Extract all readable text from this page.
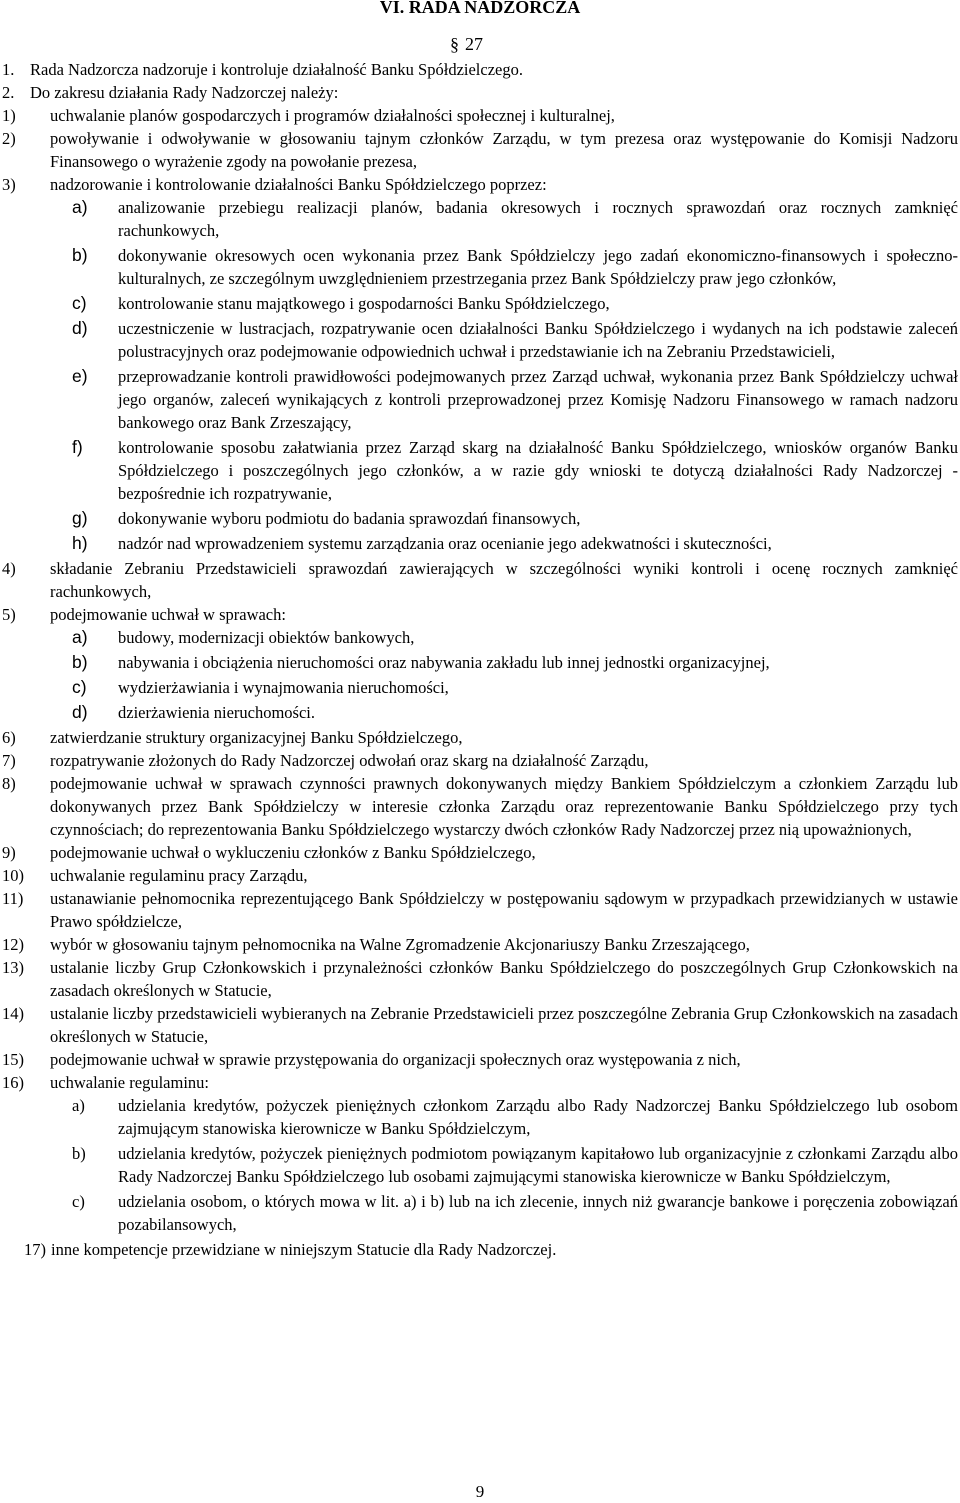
VI. RADA NADZORCZA
§ 27
1. Rada Nadzorcza nadzoruje i kontroluje działalność Banku Spółdzielczego.
2. Do zakresu działania Rady Nadzorczej należy:
1)	uchwalanie planów gospodarczych i programów działalności społecznej i kulturalnej,
2)	powoływanie i odwoływanie w głosowaniu tajnym członków Zarządu, w tym prezesa oraz występowanie do Komisji Nadzoru Finansowego o wyrażenie zgody na powołanie prezesa,
3)	nadzorowanie i kontrolowanie działalności Banku Spółdzielczego poprzez:
a)	analizowanie przebiegu realizacji planów, badania okresowych i rocznych sprawozdań oraz rocznych zamknięć rachunkowych,
b)	dokonywanie okresowych ocen wykonania przez Bank Spółdzielczy jego zadań ekonomiczno-finansowych i społeczno-kulturalnych, ze szczególnym uwzględnieniem przestrzegania przez Bank Spółdzielczy praw jego członków,
c)	kontrolowanie stanu majątkowego i gospodarności Banku Spółdzielczego,
d)	uczestniczenie w lustracjach, rozpatrywanie ocen działalności Banku Spółdzielczego i wydanych na ich podstawie zaleceń polustracyjnych oraz podejmowanie odpowiednich uchwał i przedstawianie ich na Zebraniu Przedstawicieli,
e)	przeprowadzanie kontroli prawidłowości podejmowanych przez Zarząd uchwał, wykonania przez Bank Spółdzielczy uchwał jego organów, zaleceń wynikających z kontroli przeprowadzonej przez Komisję Nadzoru Finansowego w ramach nadzoru bankowego oraz Bank Zrzeszający,
f)	kontrolowanie sposobu załatwiania przez Zarząd skarg na działalność Banku Spółdzielczego, wniosków organów Banku Spółdzielczego i poszczególnych jego członków, a w razie gdy wnioski te dotyczą działalności Rady Nadzorczej - bezpośrednie ich rozpatrywanie,
g)	dokonywanie wyboru podmiotu do badania sprawozdań finansowych,
h)	nadzór nad wprowadzeniem systemu zarządzania oraz ocenianie jego adekwatności i skuteczności,
4)	składanie Zebraniu Przedstawicieli sprawozdań zawierających w szczególności wyniki kontroli i ocenę rocznych zamknięć rachunkowych,
5)	podejmowanie uchwał w sprawach:
a)	budowy, modernizacji obiektów bankowych,
b)	nabywania i obciążenia nieruchomości oraz nabywania zakładu lub innej jednostki organizacyjnej,
c)	wydzierżawiania i wynajmowania nieruchomości,
d)	dzierżawienia nieruchomości.
6)	zatwierdzanie struktury organizacyjnej Banku Spółdzielczego,
7)	rozpatrywanie złożonych do Rady Nadzorczej odwołań oraz skarg na działalność Zarządu,
8)	podejmowanie uchwał w sprawach czynności prawnych dokonywanych między Bankiem Spółdzielczym a członkiem Zarządu lub dokonywanych przez Bank Spółdzielczy w interesie członka Zarządu oraz reprezentowanie Banku Spółdzielczego przy tych czynnościach; do reprezentowania Banku Spółdzielczego wystarczy dwóch członków Rady Nadzorczej przez nią upoważnionych,
9)	podejmowanie uchwał o wykluczeniu członków z Banku Spółdzielczego,
10)	uchwalanie regulaminu pracy Zarządu,
11)	ustanawianie pełnomocnika reprezentującego Bank Spółdzielczy w postępowaniu sądowym w przypadkach przewidzianych w ustawie Prawo spółdzielcze,
12)	wybór w głosowaniu tajnym pełnomocnika na Walne Zgromadzenie Akcjonariuszy Banku Zrzeszającego,
13)	ustalanie liczby Grup Członkowskich i przynależności członków Banku Spółdzielczego do poszczególnych Grup Członkowskich na zasadach określonych w Statucie,
14)	ustalanie liczby przedstawicieli wybieranych na Zebranie Przedstawicieli przez poszczególne Zebrania Grup Członkowskich na zasadach określonych w Statucie,
15)	podejmowanie uchwał w sprawie przystępowania do organizacji społecznych oraz występowania z nich,
16)	uchwalanie regulaminu:
a)	udzielania kredytów, pożyczek pieniężnych członkom Zarządu albo Rady Nadzorczej Banku Spółdzielczego lub osobom zajmującym stanowiska kierownicze w Banku Spółdzielczym,
b)	udzielania kredytów, pożyczek pieniężnych podmiotom powiązanym kapitałowo lub organizacyjnie z członkami Zarządu albo Rady Nadzorczej Banku Spółdzielczego lub osobami zajmującymi stanowiska kierownicze w Banku Spółdzielczym,
c)	udzielania osobom, o których mowa w lit. a) i b) lub na ich zlecenie, innych niż gwarancje bankowe i poręczenia zobowiązań pozabilansowych,
17) inne kompetencje przewidziane w niniejszym Statucie dla Rady Nadzorczej.
9
